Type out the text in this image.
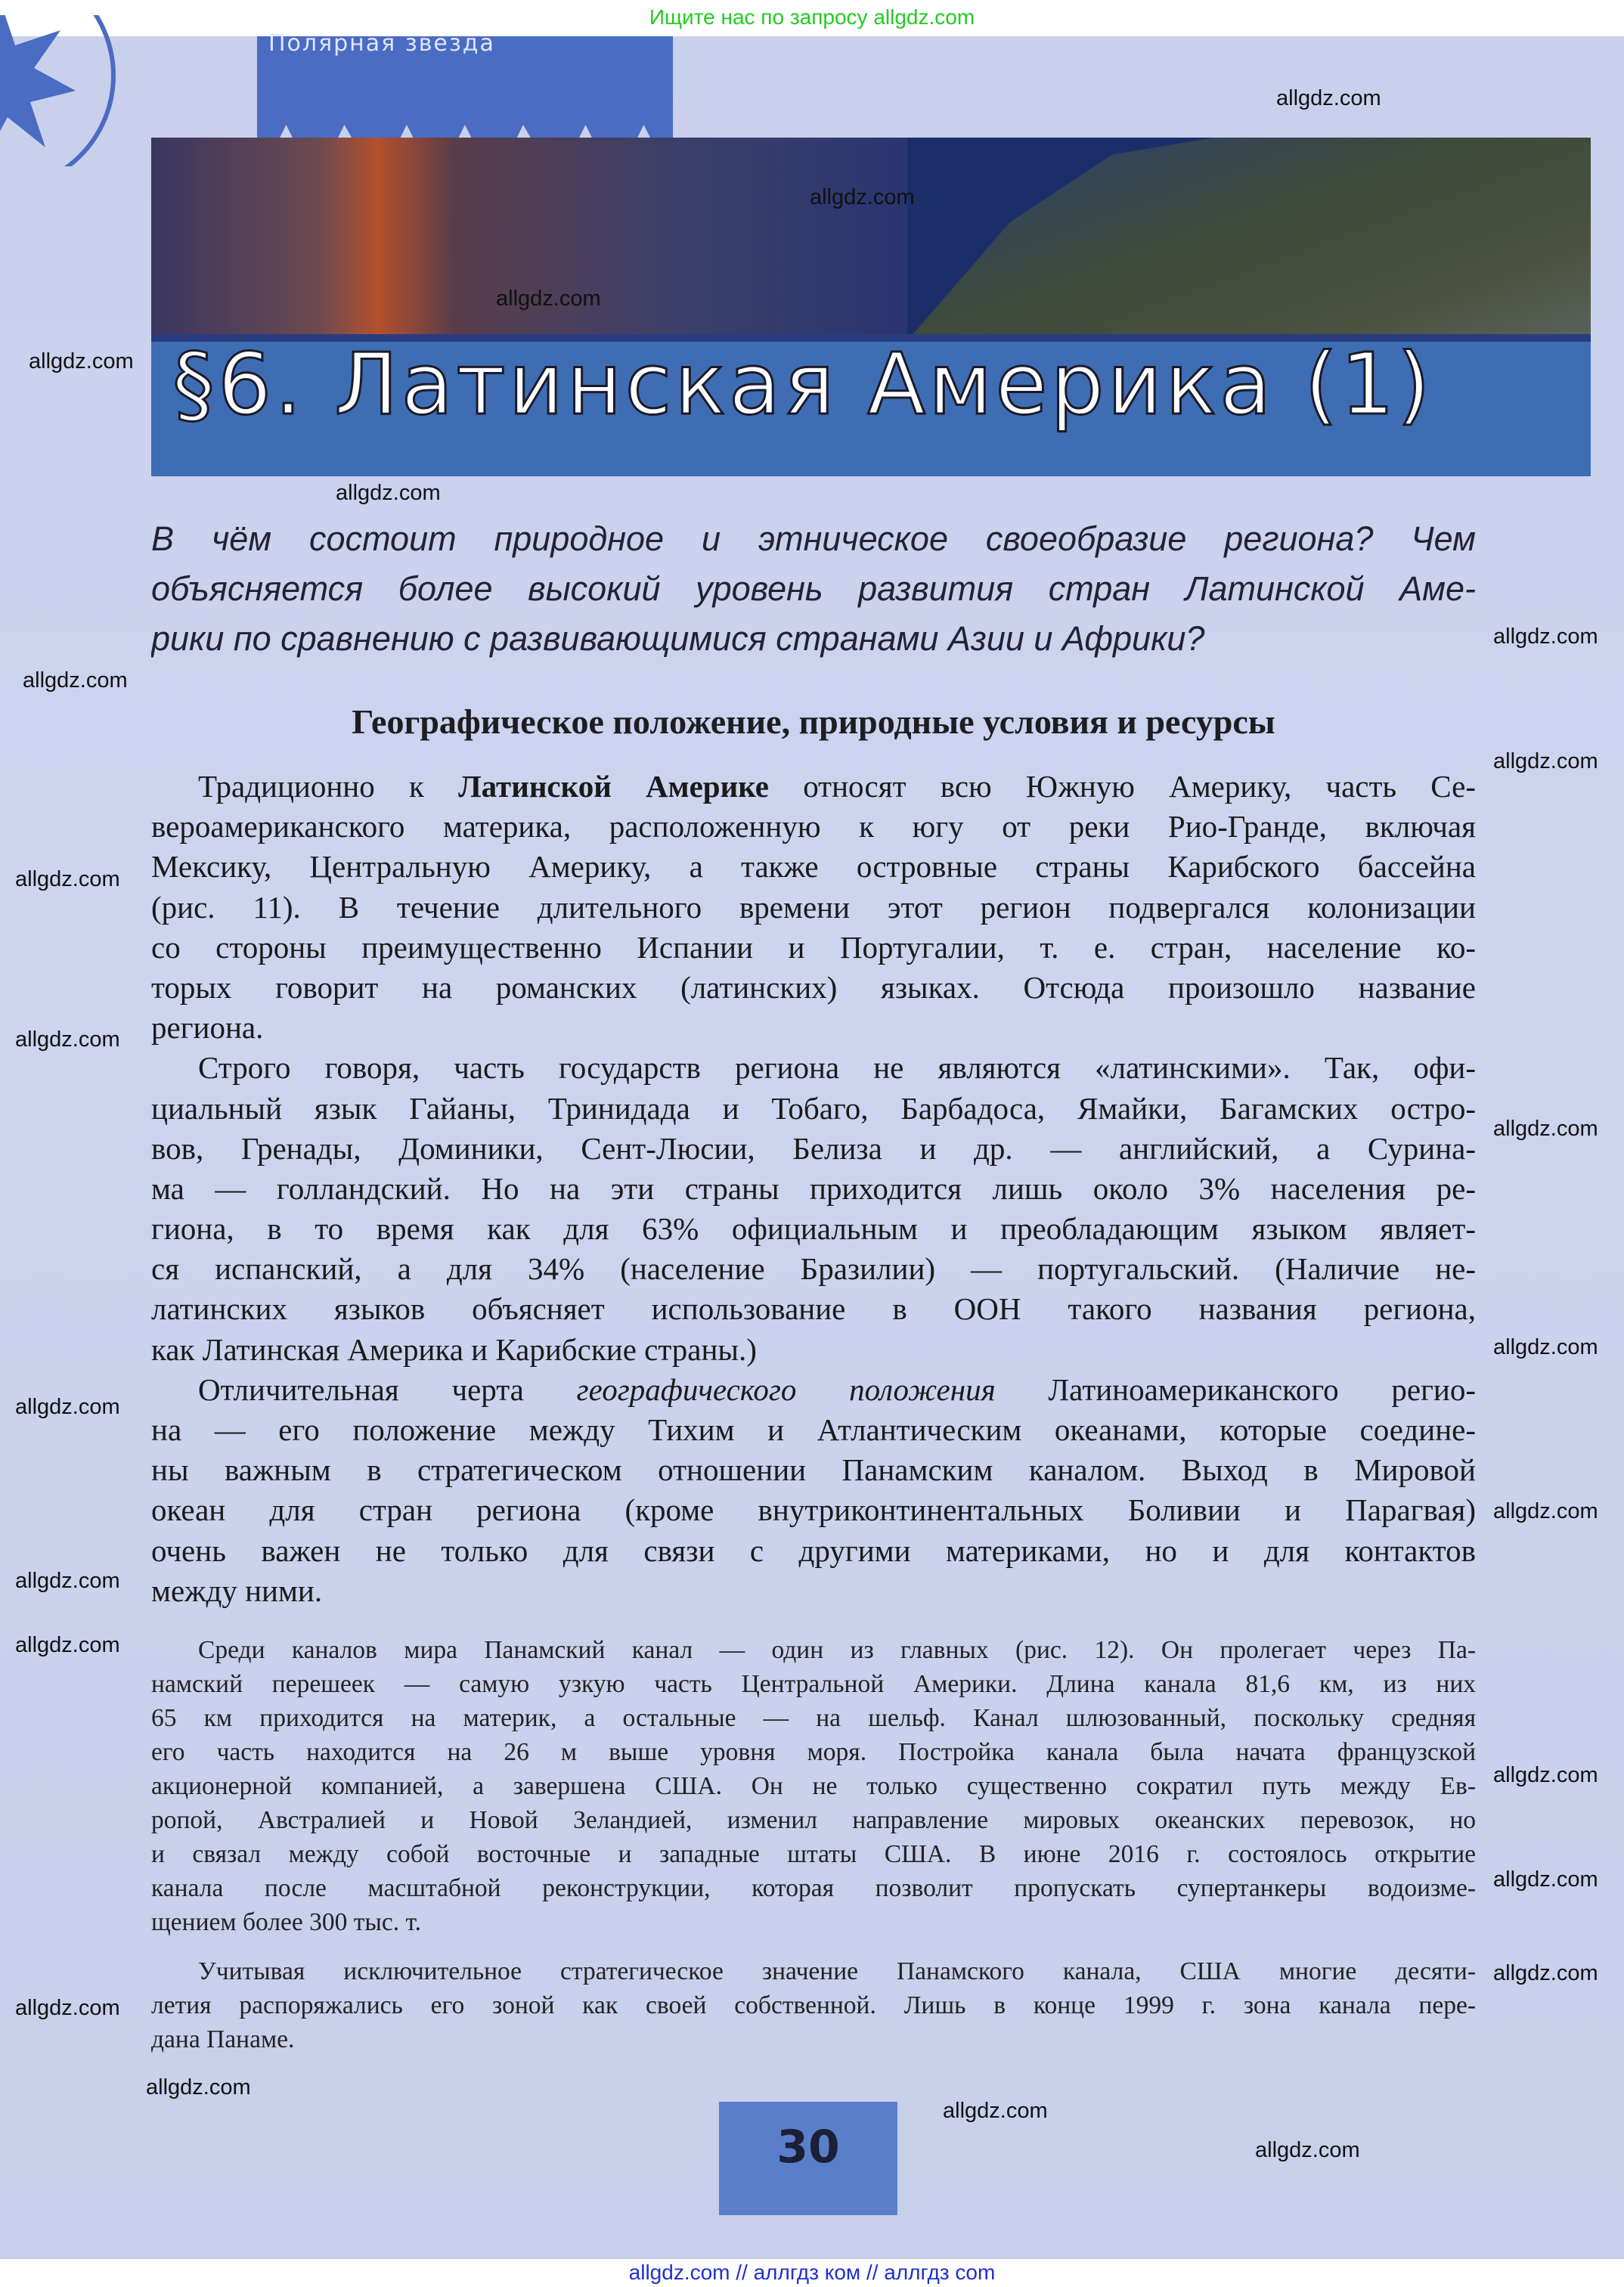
Ищите нас по запросу allgdz.com
Полярная звезда
§6. Латинская Америка (1)
В чём состоит природное и этническое своеобразие региона? Чем
объясняется более высокий уровень развития стран Латинской Аме-
рики по сравнению с развивающимися странами Азии и Африки?
Географическое положение, природные условия и ресурсы
Традиционно к Латинской Америке относят всю Южную Америку, часть Се-
вероамериканского материка, расположенную к югу от реки Рио-Гранде, включая
Мексику, Центральную Америку, а также островные страны Карибского бассейна
(рис. 11). В течение длительного времени этот регион подвергался колонизации
со стороны преимущественно Испании и Португалии, т. е. стран, население ко-
торых говорит на романских (латинских) языках. Отсюда произошло название
региона.
Строго говоря, часть государств региона не являются «латинскими». Так, офи-
циальный язык Гайаны, Тринидада и Тобаго, Барбадоса, Ямайки, Багамских остро-
вов, Гренады, Доминики, Сент-Люсии, Белиза и др. — английский, а Сурина-
ма — голландский. Но на эти страны приходится лишь около 3% населения ре-
гиона, в то время как для 63% официальным и преобладающим языком являет-
ся испанский, а для 34% (население Бразилии) — португальский. (Наличие не-
латинских языков объясняет использование в ООН такого названия региона,
как Латинская Америка и Карибские страны.)
Отличительная черта географического положения Латиноамериканского регио-
на — его положение между Тихим и Атлантическим океанами, которые соедине-
ны важным в стратегическом отношении Панамским каналом. Выход в Мировой
океан для стран региона (кроме внутриконтинентальных Боливии и Парагвая)
очень важен не только для связи с другими материками, но и для контактов
между ними.
Среди каналов мира Панамский канал — один из главных (рис. 12). Он пролегает через Па-
намский перешеек — самую узкую часть Центральной Америки. Длина канала 81,6 км, из них
65 км приходится на материк, а остальные — на шельф. Канал шлюзованный, поскольку средняя
его часть находится на 26 м выше уровня моря. Постройка канала была начата французской
акционерной компанией, а завершена США. Он не только существенно сократил путь между Ев-
ропой, Австралией и Новой Зеландией, изменил направление мировых океанских перевозок, но
и связал между собой восточные и западные штаты США. В июне 2016 г. состоялось открытие
канала после масштабной реконструкции, которая позволит пропускать супертанкеры водоизме-
щением более 300 тыс. т.
Учитывая исключительное стратегическое значение Панамского канала, США многие десяти-
летия распоряжались его зоной как своей собственной. Лишь в конце 1999 г. зона канала пере-
дана Панаме.
30
allgdz.com
allgdz.com
allgdz.com
allgdz.com
allgdz.com
allgdz.com
allgdz.com
allgdz.com
allgdz.com
allgdz.com
allgdz.com
allgdz.com
allgdz.com
allgdz.com
allgdz.com
allgdz.com
allgdz.com
allgdz.com
allgdz.com
allgdz.com
allgdz.com
allgdz.com
allgdz.com
allgdz.com // аллгдз ком // аллгдз com
